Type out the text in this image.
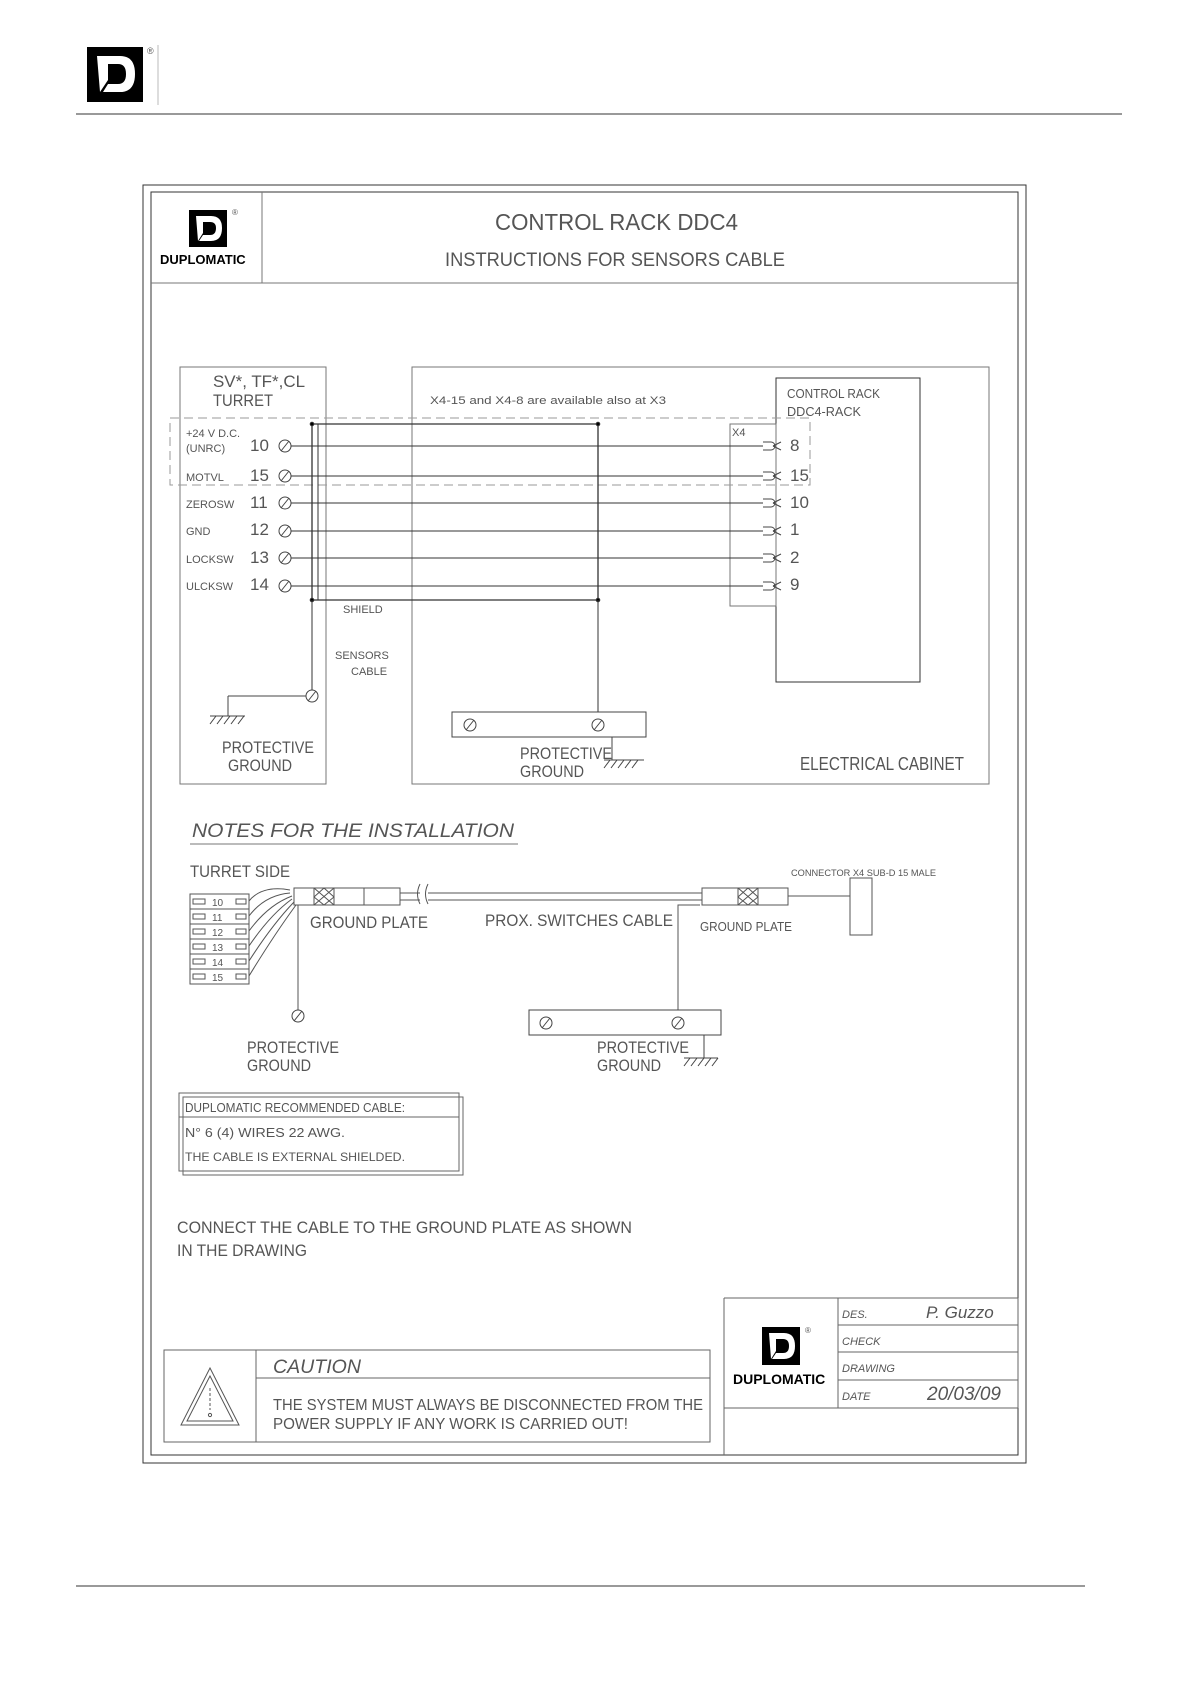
®
®
DUPLOMATIC
CONTROL RACK DDC4
INSTRUCTIONS FOR SENSORS CABLE
SV*, TF*,CL
TURRET	X4-15 and X4-8 are available also at X3
ELECTRICAL CABINET
CONTROL RACK
DDC4-RACK
X4
+24 V D.C.
(UNRC) 10	8
MOTVL 15	15
ZEROSW 11	10
GND 12	1
LOCKSW 13	2
ULCKSW 14	9
SHIELD
SENSORS
CABLE
PROTECTIVE
GROUND
PROTECTIVE
GROUND
NOTES FOR THE INSTALLATION
TURRET SIDE	CONNECTOR X4 SUB-D 15 MALE
10
11
12
13
14
15
GROUND PLATE	PROX. SWITCHES CABLE GROUND PLATE
PROTECTIVE
GROUND
PROTECTIVE
GROUND
DUPLOMATIC RECOMMENDED CABLE:
N° 6 (4) WIRES 22 AWG.
THE CABLE IS EXTERNAL SHIELDED.
CONNECT THE CABLE TO THE GROUND PLATE AS SHOWN
IN THE DRAWING
CAUTION
THE SYSTEM MUST ALWAYS BE DISCONNECTED FROM THE
POWER SUPPLY IF ANY WORK IS CARRIED OUT!
®
DUPLOMATIC
DES.	P. Guzzo
CHECK
DRAWING
DATE	20/03/09
